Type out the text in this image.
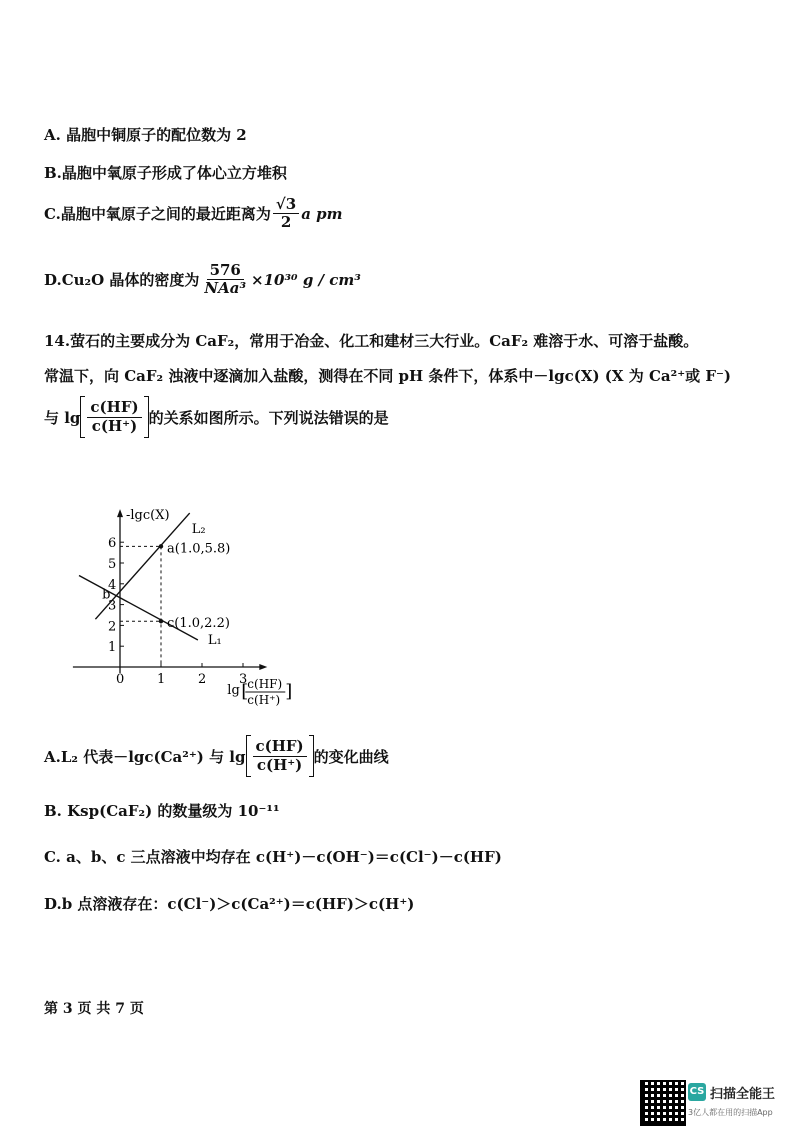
A. 晶胞中铜原子的配位数为 2
B.晶胞中氧原子形成了体心立方堆积
C.晶胞中氧原子之间的最近距离为 $\frac{√3}{2}$ a pm
D.Cu₂O 晶体的密度为 $\frac{576}{\text{NAa³}} \times 10^{30}$ g / cm³
14.萤石的主要成分为 CaF₂，常用于冶金、化工和建材三大行业。CaF₂ 难溶于水、可溶于盐酸。
常温下，向 CaF₂ 浊液中逐滴加入盐酸，测得在不同 pH 条件下，体系中－lgc(X) (X 为 Ca²⁺或 F⁻)
与 $\lg \frac{c(HF)}{c(H^+)}$ 的关系如图所示。下列说法错误的是
-lgc(X)
0	1	2	3
1
2
3
4
5
6
lg c(HF)
c(H⁺)
[ ]
L₂
L₁
a(1.0,5.8)
c(1.0,2.2)
b
A.L₂ 代表－lgc(Ca²⁺) 与 $\lg \frac{c(HF)}{c(H^+)}$ 的变化曲线
B. Ksp(CaF₂) 的数量级为 10⁻¹¹
C. a、b、c 三点溶液中均存在 c(H⁺)－c(OH⁻)＝c(Cl⁻)－c(HF)
D.b 点溶液存在：c(Cl⁻)＞c(Ca²⁺)＝c(HF)＞c(H⁺)
第 3 页 共 7 页
CS 扫描全能王
3亿人都在用的扫描App
